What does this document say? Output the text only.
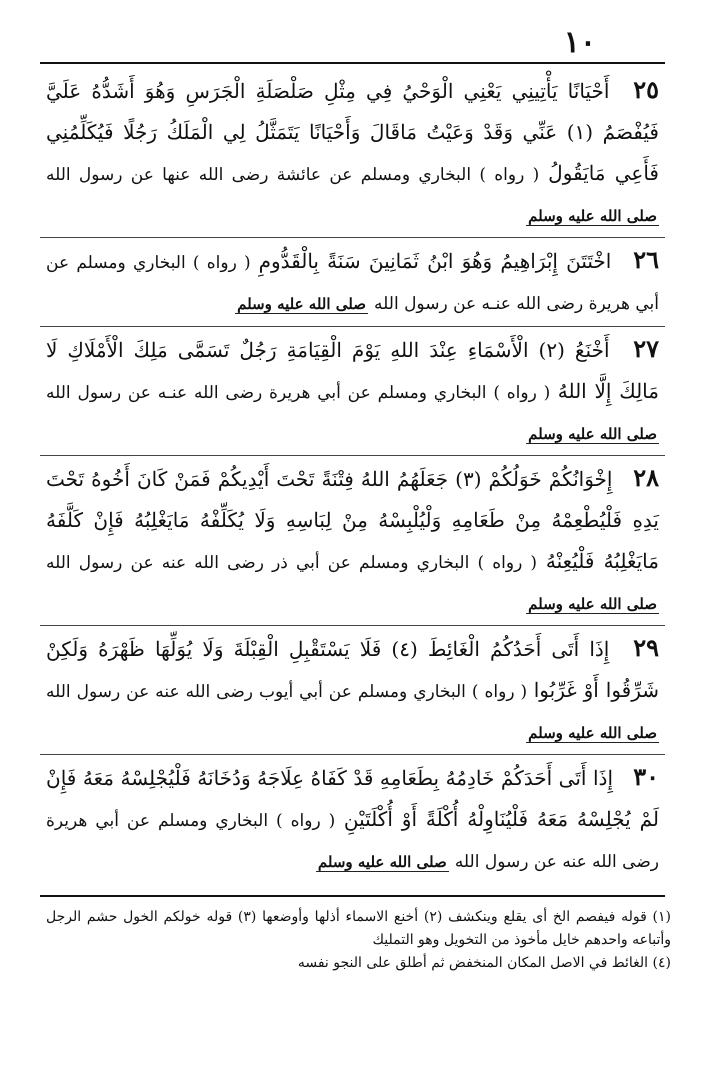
١٠
٢٥ أَحْيَانًا يَأْتِينِي يَعْنِي الْوَحْيُ فِي مِثْلِ صَلْصَلَةِ الْجَرَسِ وَهُوَ أَشَدُّهُ عَلَيَّ فَيُفْصَمُ (١) عَنِّي وَقَدْ وَعَيْتُ مَاقَالَ وَأَحْيَانًا يَتَمَثَّلُ لِي الْمَلَكُ رَجُلًا فَيُكَلِّمُنِي فَأَعِي مَايَقُولُ ( رواه ) البخاري ومسلم عن عائشة رضى الله عنها عن رسول الله صلى الله عليه وسلم
٢٦ اخْتَتَنَ إِبْرَاهِيمُ وَهُوَ ابْنُ ثَمَانِينَ سَنَةً بِالْقَدُّومِ ( رواه ) البخاري ومسلم عن أبي هريرة رضى الله عنـه عن رسول الله صلى الله عليه وسلم
٢٧ أَخْنَعُ (٢) الْأَسْمَاءِ عِنْدَ اللهِ يَوْمَ الْقِيَامَةِ رَجُلٌ تَسَمَّى مَلِكَ الْأَمْلَاكِ لَا مَالِكَ إِلَّا اللهُ ( رواه ) البخاري ومسلم عن أبي هريرة رضى الله عنـه عن رسول الله صلى الله عليه وسلم
٢٨ إِخْوَانُكُمْ خَوَلُكُمْ (٣) جَعَلَهُمُ اللهُ فِتْنَةً تَحْتَ أَيْدِيكُمْ فَمَنْ كَانَ أَخُوهُ تَحْتَ يَدِهِ فَلْيُطْعِمْهُ مِنْ طَعَامِهِ وَلْيُلْبِسْهُ مِنْ لِبَاسِهِ وَلَا يُكَلِّفْهُ مَايَغْلِبُهُ فَإِنْ كَلَّفَهُ مَايَغْلِبُهُ فَلْيُعِنْهُ ( رواه ) البخاري ومسلم عن أبي ذر رضى الله عنه عن رسول الله صلى الله عليه وسلم
٢٩ إِذَا أَتَى أَحَدُكُمُ الْغَائِطَ (٤) فَلَا يَسْتَقْبِلِ الْقِبْلَةَ وَلَا يُوَلِّهَا ظَهْرَهُ وَلَكِنْ شَرِّقُوا أَوْ غَرِّبُوا ( رواه ) البخاري ومسلم عن أبي أيوب رضى الله عنه عن رسول الله صلى الله عليه وسلم
٣٠ إِذَا أَتَى أَحَدَكُمْ خَادِمُهُ بِطَعَامِهِ قَدْ كَفَاهُ عِلَاجَهُ وَدُخَانَهُ فَلْيُجْلِسْهُ مَعَهُ فَإِنْ لَمْ يُجْلِسْهُ مَعَهُ فَلْيُنَاوِلْهُ أُكْلَةً أَوْ أُكْلَتَيْنِ ( رواه ) البخاري ومسلم عن أبي هريرة رضى الله عنه عن رسول الله صلى الله عليه وسلم
(١) قوله فيفصم الخ أى يقلع وينكشف (٢) أخنع الاسماء أذلها وأوضعها (٣) قوله خولكم الخول حشم الرجل وأتباعه واحدهم خايل مأخوذ من التخويل وهو التمليك
(٤) الغائط في الاصل المكان المنخفض ثم أطلق على النجو نفسه
